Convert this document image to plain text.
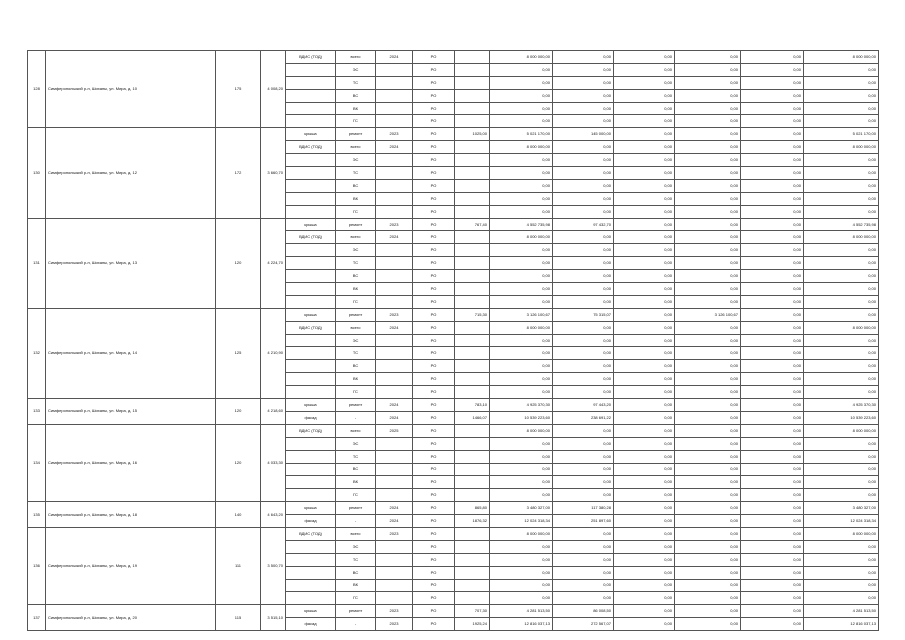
128	Симферопольский р-н, Шиханы, ул. Мира, д. 10	175	4 008,20	ВДИС (ТОД)	всего	2024	РО		8 000 000,00	0,00	0,00	0,00	0,00	8 000 000,00
					ЭС		РО		0,00	0,00	0,00	0,00	0,00	0,00
					ТС		РО		0,00	0,00	0,00	0,00	0,00	0,00
					ВС		РО		0,00	0,00	0,00	0,00	0,00	0,00
					ВК		РО		0,00	0,00	0,00	0,00	0,00	0,00
					ГС		РО		0,00	0,00	0,00	0,00	0,00	0,00
130	Симферопольский р-н, Шиханы, ул. Мира, д. 12	172	3 660,70	крыша	ремонт	2023	РО	1025,00	5 021 170,00	145 000,00	0,00	0,00	0,00	5 021 170,00
				ВДИС (ТОД)	всего	2024	РО		8 000 000,00	0,00	0,00	0,00	0,00	8 000 000,00
					ЭС		РО		0,00	0,00	0,00	0,00	0,00	0,00
					ТС		РО		0,00	0,00	0,00	0,00	0,00	0,00
					ВС		РО		0,00	0,00	0,00	0,00	0,00	0,00
					ВК		РО		0,00	0,00	0,00	0,00	0,00	0,00
					ГС		РО		0,00	0,00	0,00	0,00	0,00	0,00
131	Симферопольский р-н, Шиханы, ул. Мира, д. 13	120	4 224,70	крыша	ремонт	2023	РО	767,40	4 552 735,98	97 432,70	0,00	0,00	0,00	4 552 735,98
				ВДИС (ТОД)	всего	2024	РО		8 000 000,00	0,00	0,00	0,00	0,00	8 000 000,00
					ЭС		РО		0,00	0,00	0,00	0,00	0,00	0,00
					ТС		РО		0,00	0,00	0,00	0,00	0,00	0,00
					ВС		РО		0,00	0,00	0,00	0,00	0,00	0,00
					ВК		РО		0,00	0,00	0,00	0,00	0,00	0,00
					ГС		РО		0,00	0,00	0,00	0,00	0,00	0,00
132	Симферопольский р-н, Шиханы, ул. Мира, д. 14	125	4 210,90	крыша	ремонт	2023	РО	715,30	3 126 100,67	75 315,07	0,00	3 126 100,67	0,00	0,00
				ВДИС (ТОД)	всего	2024	РО		8 000 000,00	0,00	0,00	0,00	0,00	8 000 000,00
					ЭС		РО		0,00	0,00	0,00	0,00	0,00	0,00
					ТС		РО		0,00	0,00	0,00	0,00	0,00	0,00
					ВС		РО		0,00	0,00	0,00	0,00	0,00	0,00
					ВК		РО		0,00	0,00	0,00	0,00	0,00	0,00
					ГС		РО		0,00	0,00	0,00	0,00	0,00	0,00
133	Симферопольский р-н, Шиханы, ул. Мира, д. 15	120	4 218,60	крыша	ремонт	2024	РО	783,10	4 925 370,30	97 443,20	0,00	0,00	0,00	4 925 370,30
				фасад	-	2024	РО	1466,07	10 539 223,60	238 691,22	0,00	0,00	0,00	10 539 223,60
134	Симферопольский р-н, Шиханы, ул. Мира, д. 16	120	4 033,30	ВДИС (ТОД)	всего	2025	РО		8 000 000,00	0,00	0,00	0,00	0,00	8 000 000,00
					ЭС		РО		0,00	0,00	0,00	0,00	0,00	0,00
					ТС		РО		0,00	0,00	0,00	0,00	0,00	0,00
					ВС		РО		0,00	0,00	0,00	0,00	0,00	0,00
					ВК		РО		0,00	0,00	0,00	0,00	0,00	0,00
					ГС		РО		0,00	0,00	0,00	0,00	0,00	0,00
135	Симферопольский р-н, Шиханы, ул. Мира, д. 18	140	4 643,20	крыша	ремонт	2024	РО	865,80	3 480 327,00	117 380,28	0,00	0,00	0,00	3 480 327,00
				фасад	-	2024	РО	1876,32	12 024 318,34	251 897,60	0,00	0,00	0,00	12 024 318,34
136	Симферопольский р-н, Шиханы, ул. Мира, д. 19	111	3 500,70	ВДИС (ТОД)	всего	2023	РО		8 000 000,00	0,00	0,00	0,00	0,00	8 000 000,00
					ЭС		РО		0,00	0,00	0,00	0,00	0,00	0,00
					ТС		РО		0,00	0,00	0,00	0,00	0,00	0,00
					ВС		РО		0,00	0,00	0,00	0,00	0,00	0,00
					ВК		РО		0,00	0,00	0,00	0,00	0,00	0,00
					ГС		РО		0,00	0,00	0,00	0,00	0,00	0,00
137	Симферопольский р-н, Шиханы, ул. Мира, д. 20	115	3 515,10	крыша	ремонт	2023	РО	707,30	4 281 513,50	86 008,50	0,00	0,00	0,00	4 281 513,50
				фасад	-	2023	РО	1925,24	12 816 037,13	272 567,07	0,00	0,00	0,00	12 816 037,13
